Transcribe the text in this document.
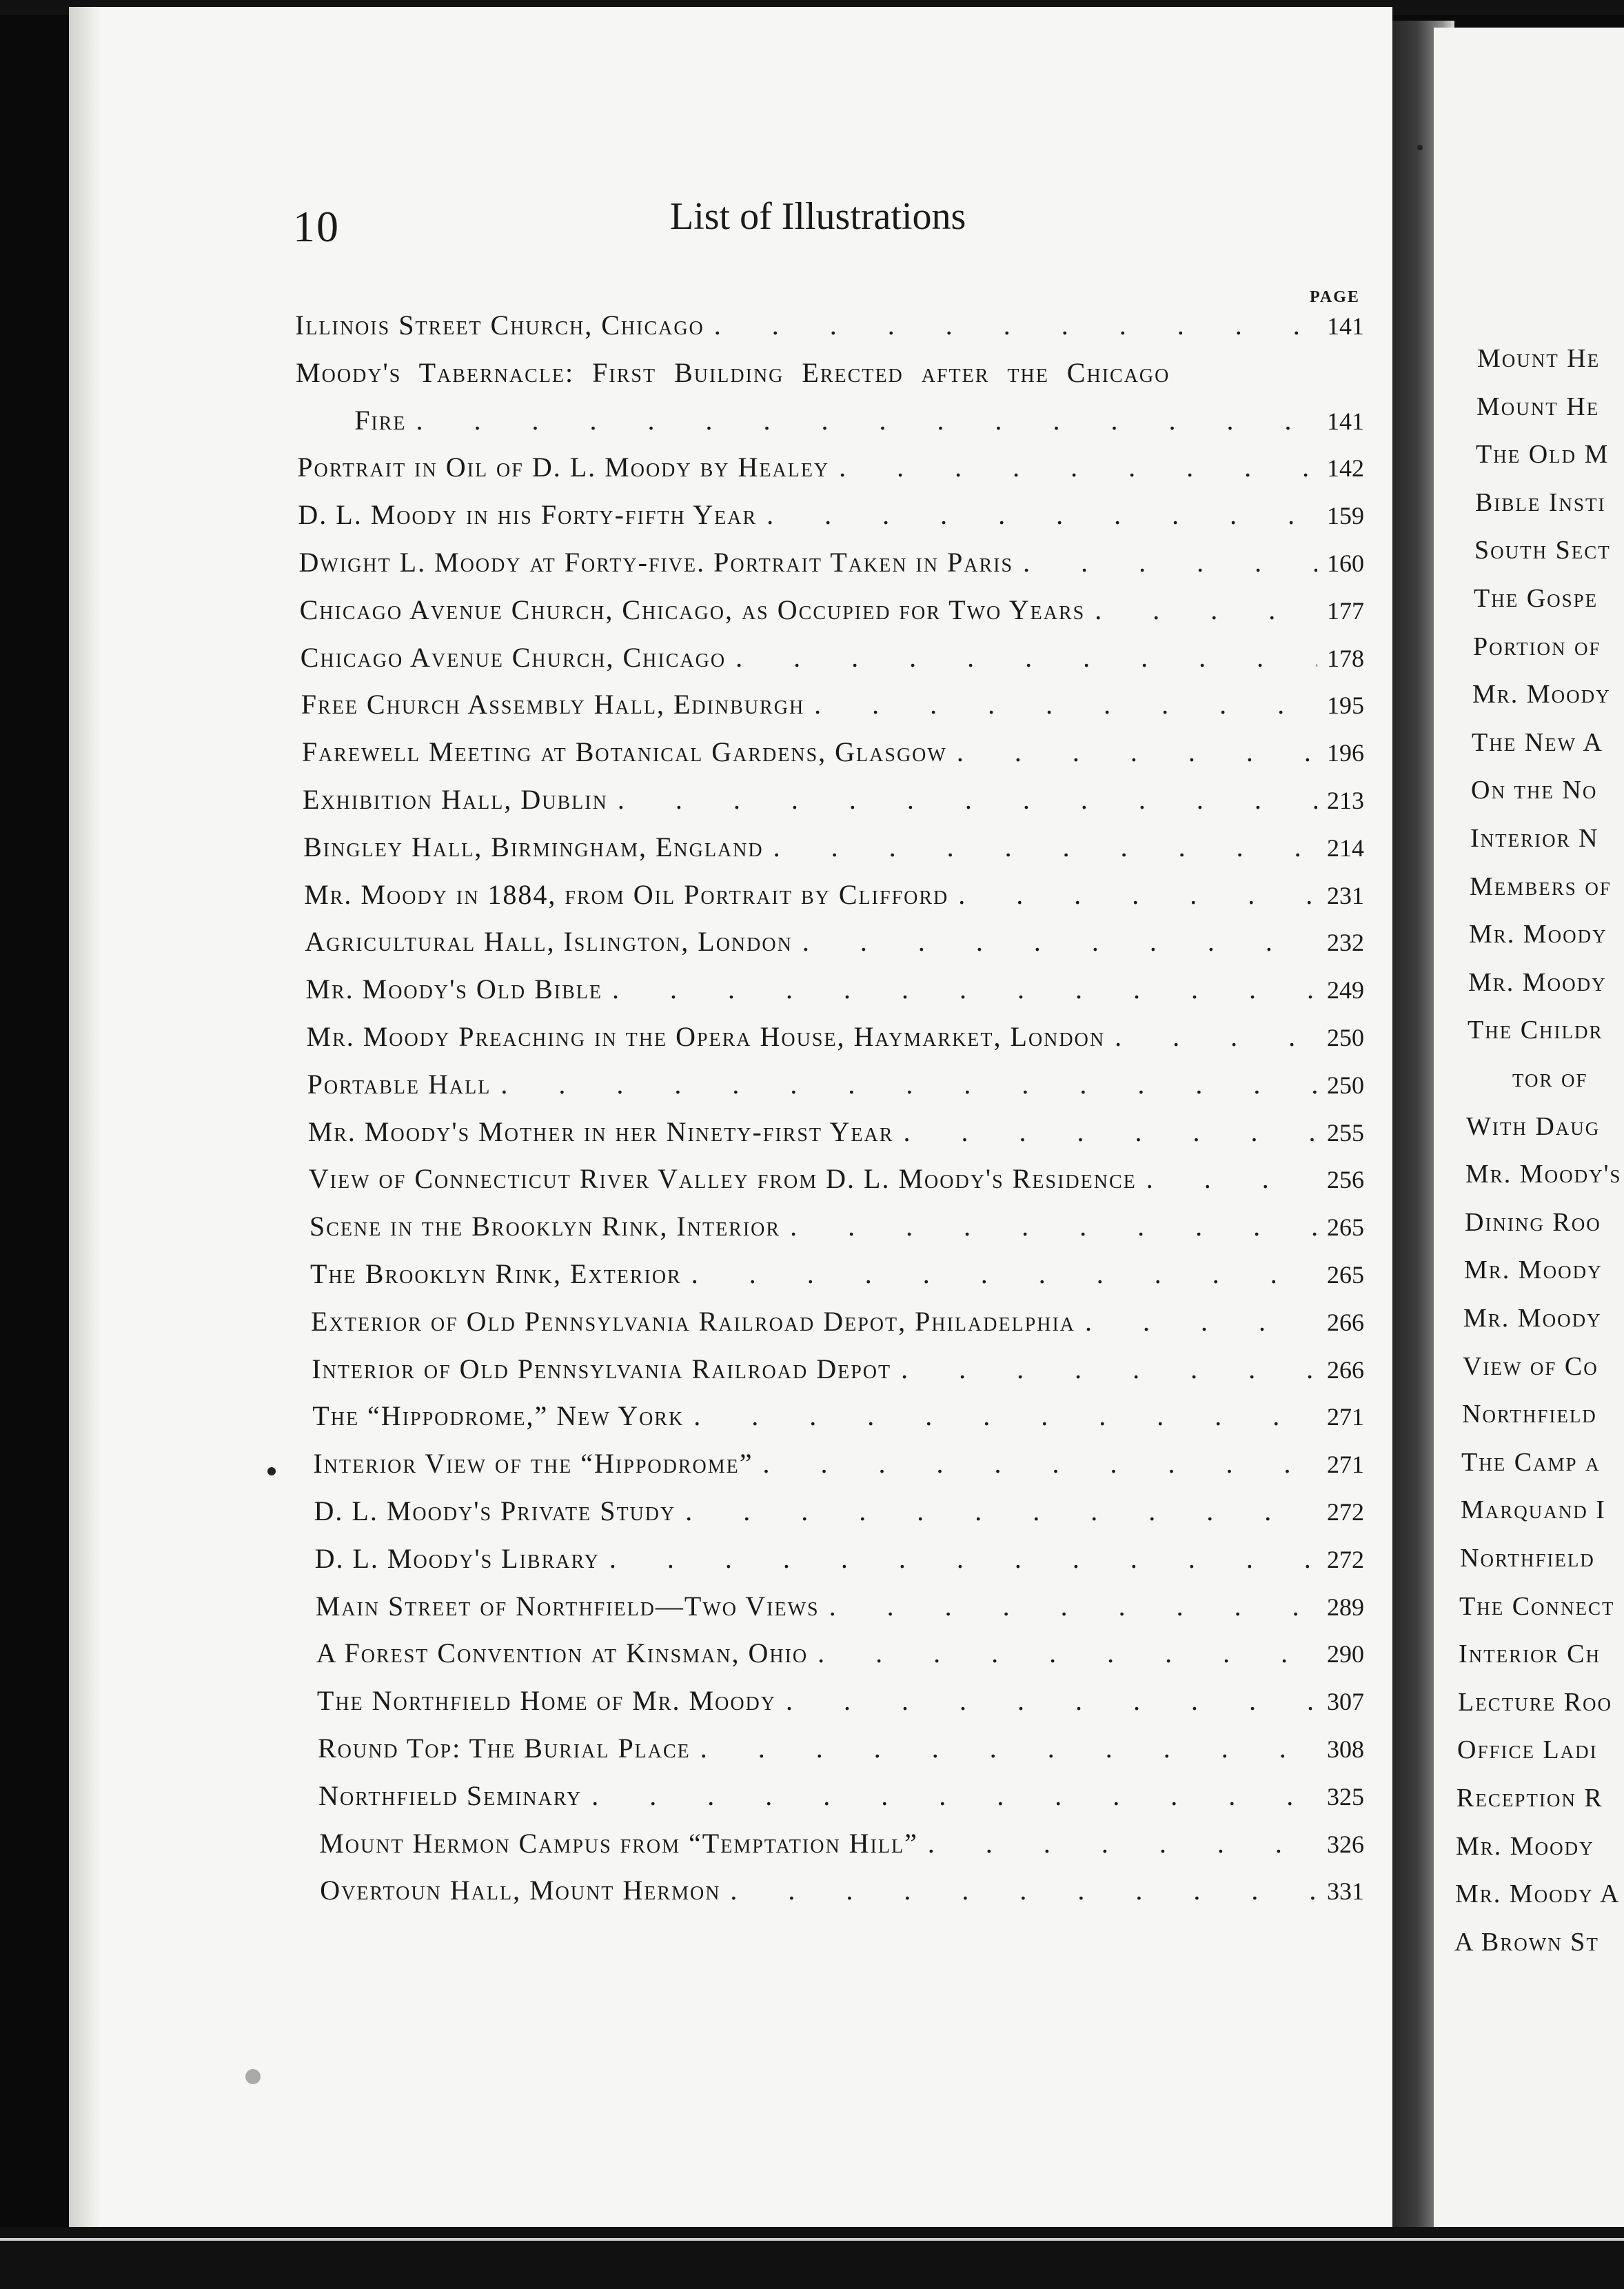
10	List of Illustrations
PAGE
Illinois Street Church, Chicago . . .	141
Moody's Tabernacle: First Building Erected after the Chicago
Fire . . .	141
Portrait in Oil of D. L. Moody by Healey . . .	142
D. L. Moody in his Forty-fifth Year . . .	159
Dwight L. Moody at Forty-five. Portrait Taken in Paris . . .	160
Chicago Avenue Church, Chicago, as Occupied for Two Years . . .	177
Chicago Avenue Church, Chicago . . .	178
Free Church Assembly Hall, Edinburgh . . .	195
Farewell Meeting at Botanical Gardens, Glasgow . . .	196
Exhibition Hall, Dublin . . .	213
Bingley Hall, Birmingham, England . . .	214
Mr. Moody in 1884, from Oil Portrait by Clifford . . .	231
Agricultural Hall, Islington, London . . .	232
Mr. Moody's Old Bible . . .	249
Mr. Moody Preaching in the Opera House, Haymarket, London . . .	250
Portable Hall . . .	250
Mr. Moody's Mother in her Ninety-first Year . . .	255
View of Connecticut River Valley from D. L. Moody's Residence . . .	256
Scene in the Brooklyn Rink, Interior . . .	265
The Brooklyn Rink, Exterior . . .	265
Exterior of Old Pennsylvania Railroad Depot, Philadelphia . . .	266
Interior of Old Pennsylvania Railroad Depot . . .	266
The “Hippodrome,” New York . . .	271
Interior View of the “Hippodrome” . . .	271
D. L. Moody's Private Study . . .	272
D. L. Moody's Library . . .	272
Main Street of Northfield—Two Views . . .	289
A Forest Convention at Kinsman, Ohio . . .	290
The Northfield Home of Mr. Moody . . .	307
Round Top: The Burial Place . . .	308
Northfield Seminary . . .	325
Mount Hermon Campus from “Temptation Hill” . . .	326
Overtoun Hall, Mount Hermon . . .	331
Mount He
Mount He
The Old M
Bible Insti
South Sect
The Gospe
Portion of
Mr. Moody
The New A
On the No
Interior N
Members of
Mr. Moody
Mr. Moody
The Childr
tor of
With Daug
Mr. Moody's
Dining Roo
Mr. Moody
Mr. Moody
View of Co
Northfield
The Camp a
Marquand I
Northfield
The Connect
Interior Ch
Lecture Roo
Office Ladi
Reception R
Mr. Moody
Mr. Moody A
A Brown St
